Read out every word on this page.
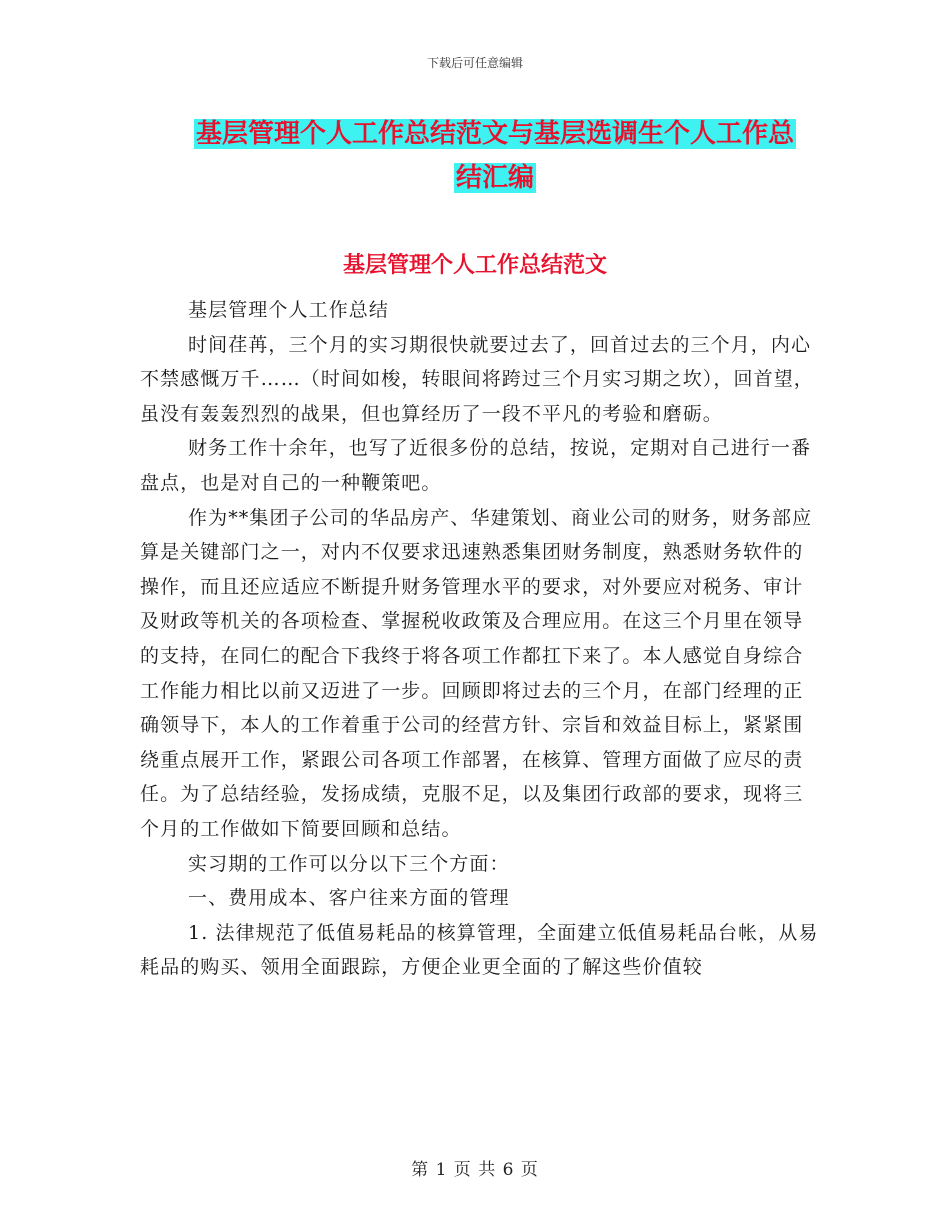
下载后可任意编辑
基层管理个人工作总结范文与基层选调生个人工作总
结汇编
基层管理个人工作总结范文

基层管理个人工作总结

时间荏苒，三个月的实习期很快就要过去了，回首过去的三个月，内心不禁感慨万千……（时间如梭，转眼间将跨过三个月实习期之坎），回首望，虽没有轰轰烈烈的战果，但也算经历了一段不平凡的考验和磨砺。

财务工作十余年，也写了近很多份的总结，按说，定期对自己进行一番盘点，也是对自己的一种鞭策吧。

作为**集团子公司的华品房产、华建策划、商业公司的财务，财务部应算是关键部门之一，对内不仅要求迅速熟悉集团财务制度，熟悉财务软件的操作，而且还应适应不断提升财务管理水平的要求，对外要应对税务、审计及财政等机关的各项检查、掌握税收政策及合理应用。在这三个月里在领导的支持，在同仁的配合下我终于将各项工作都扛下来了。本人感觉自身综合工作能力相比以前又迈进了一步。回顾即将过去的三个月，在部门经理的正确领导下，本人的工作着重于公司的经营方针、宗旨和效益目标上，紧紧围绕重点展开工作，紧跟公司各项工作部署，在核算、管理方面做了应尽的责任。为了总结经验，发扬成绩，克服不足，以及集团行政部的要求，现将三个月的工作做如下简要回顾和总结。

实习期的工作可以分以下三个方面：

一、费用成本、客户往来方面的管理

1. 法律规范了低值易耗品的核算管理，全面建立低值易耗品台帐，从易耗品的购买、领用全面跟踪，方便企业更全面的了解这些价值较

第 1 页 共 6 页
